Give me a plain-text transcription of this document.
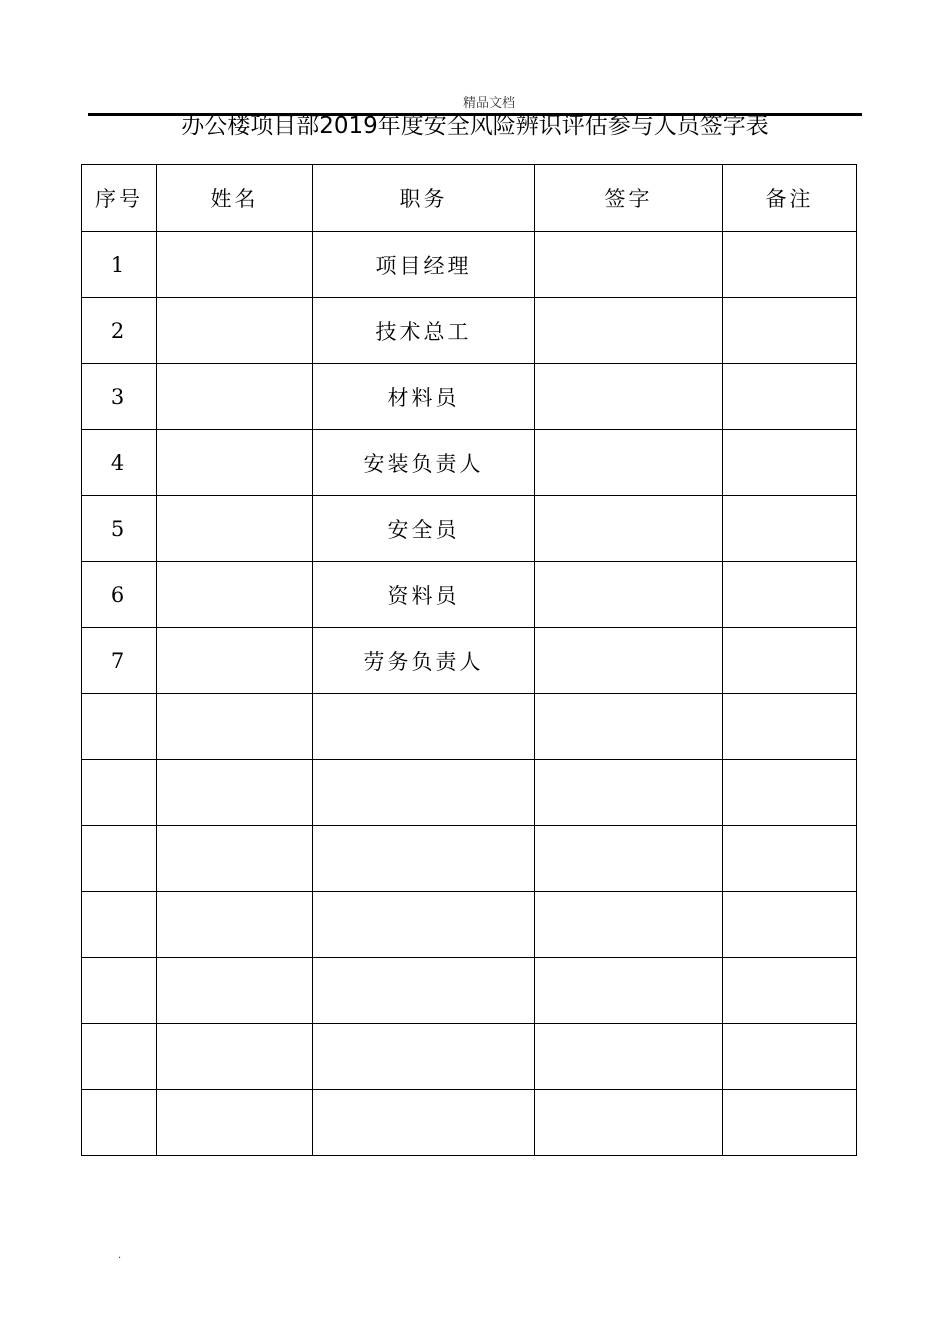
精品文档
办公楼项目部2019年度安全风险辨识评估参与人员签字表
序号	姓名	职务	签字	备注
1		项目经理		
2		技术总工		
3		材料员		
4		安装负责人		
5		安全员		
6		资料员		
7		劳务负责人		

.
